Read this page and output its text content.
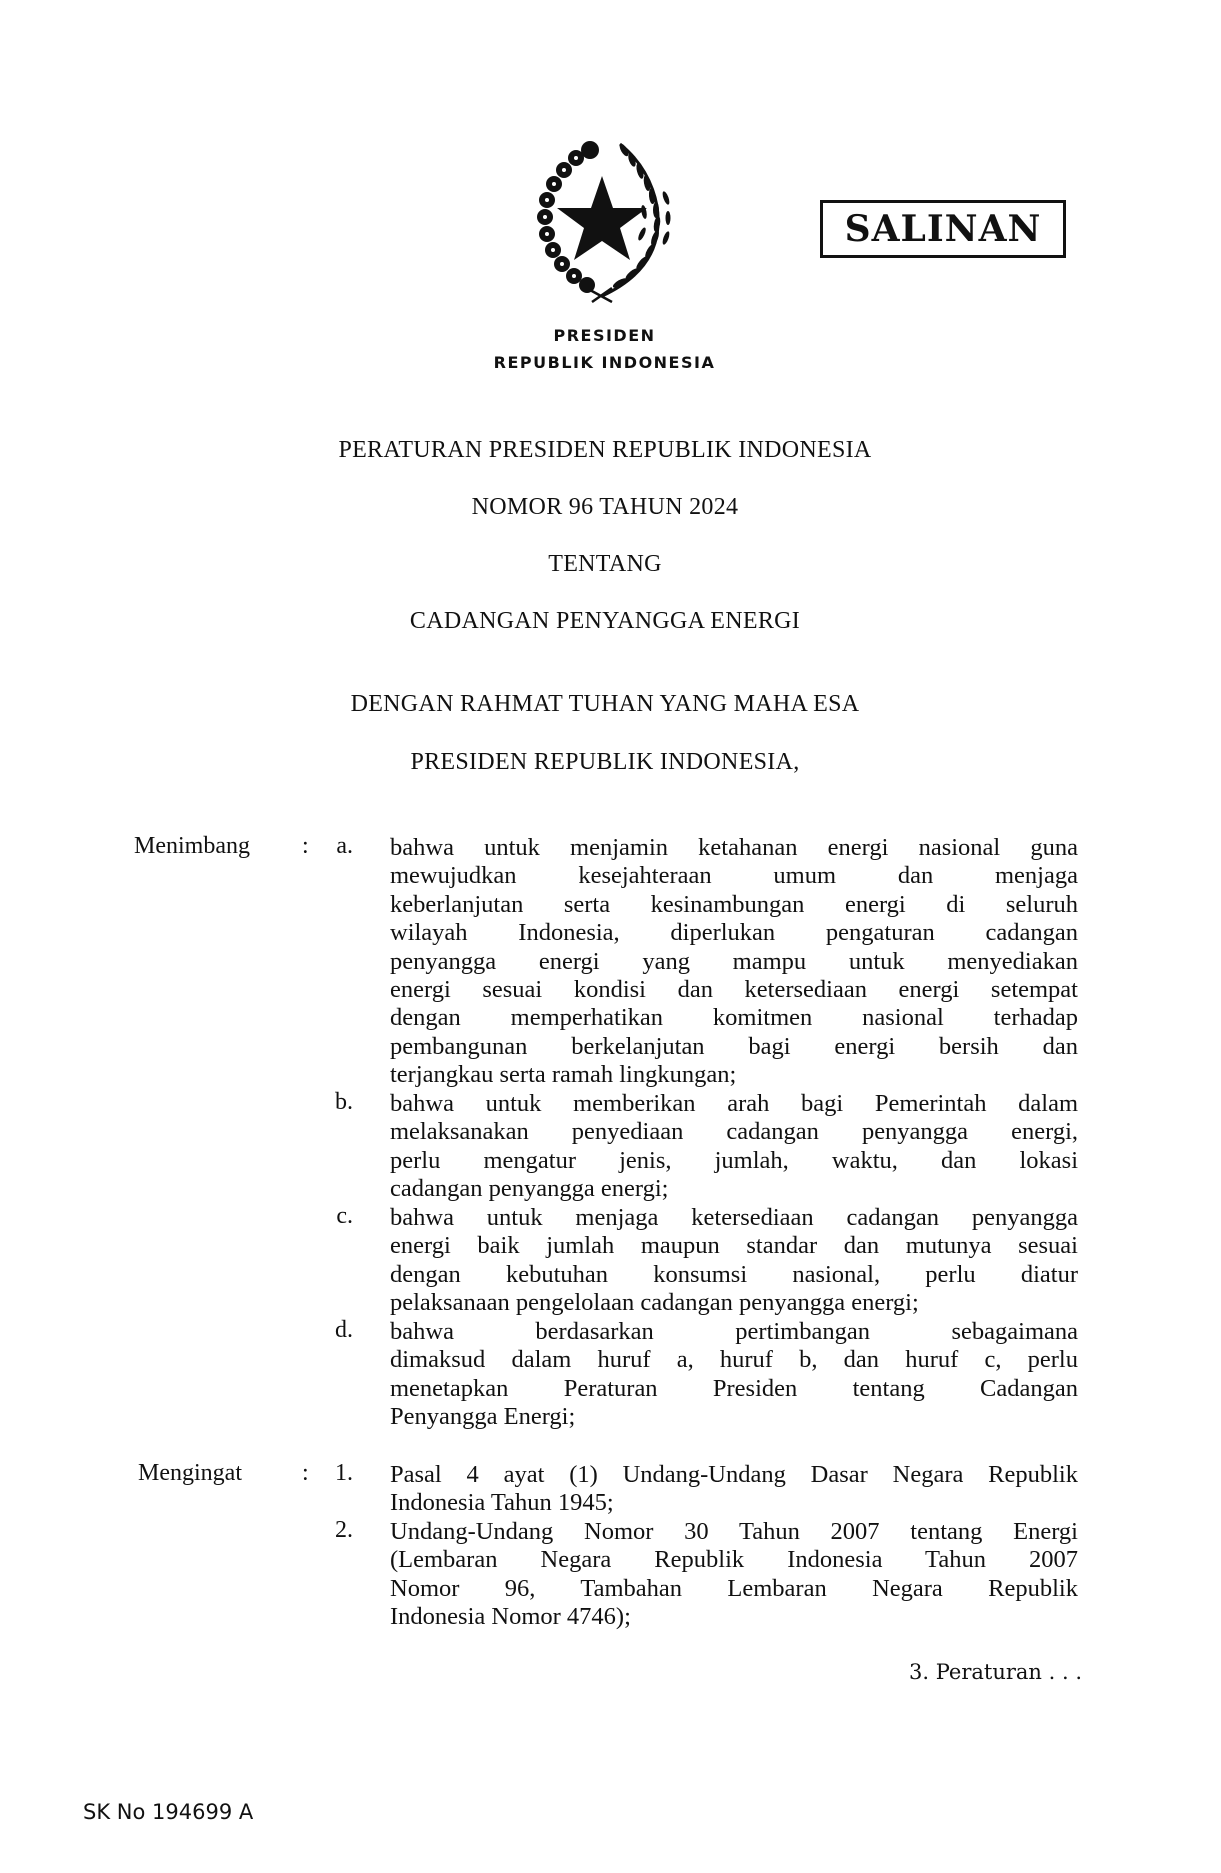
SALINAN
PRESIDEN
REPUBLIK INDONESIA
PERATURAN PRESIDEN REPUBLIK INDONESIA
NOMOR 96 TAHUN 2024
TENTANG
CADANGAN PENYANGGA ENERGI
DENGAN RAHMAT TUHAN YANG MAHA ESA
PRESIDEN REPUBLIK INDONESIA,
Menimbang :	a. bahwa untuk menjamin ketahanan energi nasional guna
mewujudkan kesejahteraan umum dan menjaga
keberlanjutan serta kesinambungan energi di seluruh
wilayah Indonesia, diperlukan pengaturan cadangan
penyangga energi yang mampu untuk menyediakan
energi sesuai kondisi dan ketersediaan energi setempat
dengan memperhatikan komitmen nasional terhadap
pembangunan berkelanjutan bagi energi bersih dan
terjangkau serta ramah lingkungan;
b. bahwa untuk memberikan arah bagi Pemerintah dalam
melaksanakan penyediaan cadangan penyangga energi,
perlu mengatur jenis, jumlah, waktu, dan lokasi
cadangan penyangga energi;
c. bahwa untuk menjaga ketersediaan cadangan penyangga
energi baik jumlah maupun standar dan mutunya sesuai
dengan kebutuhan konsumsi nasional, perlu diatur
pelaksanaan pengelolaan cadangan penyangga energi;
d. bahwa berdasarkan pertimbangan sebagaimana
dimaksud dalam huruf a, huruf b, dan huruf c, perlu
menetapkan Peraturan Presiden tentang Cadangan
Penyangga Energi;
Mengingat	:	1. Pasal 4 ayat (1) Undang-Undang Dasar Negara Republik
Indonesia Tahun 1945;
2. Undang-Undang Nomor 30 Tahun 2007 tentang Energi
(Lembaran Negara Republik Indonesia Tahun 2007
Nomor 96, Tambahan Lembaran Negara Republik
Indonesia Nomor 4746);
3. Peraturan . . .
SK No 194699 A
